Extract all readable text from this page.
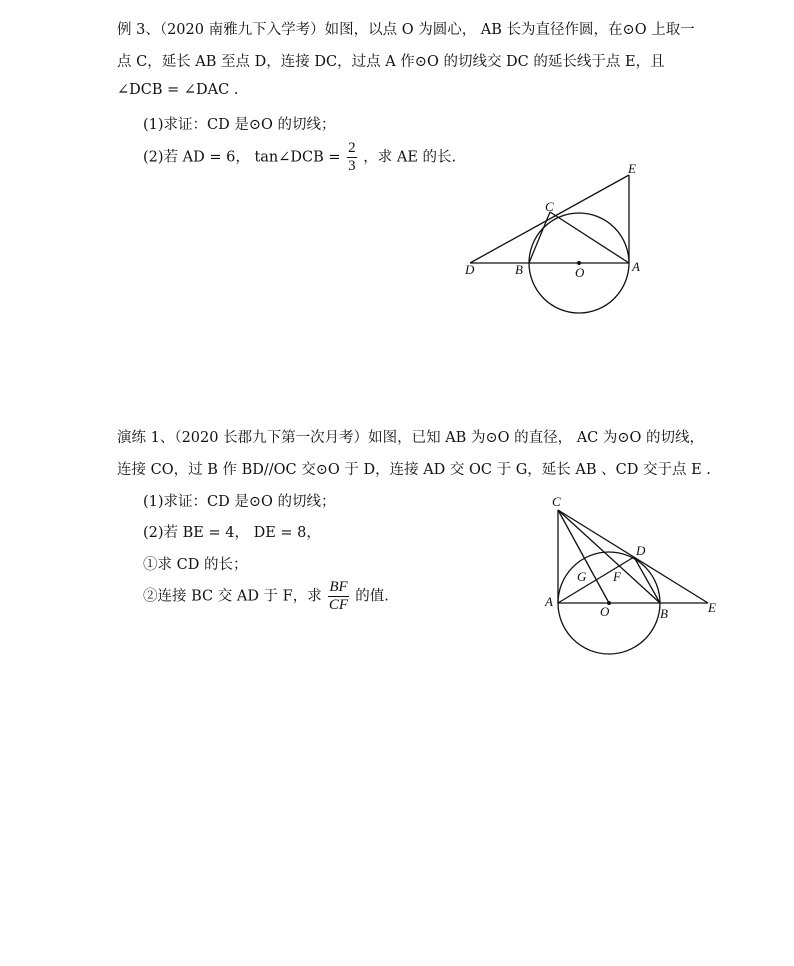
例 3、（2020 南雅九下入学考）如图，以点 O 为圆心， AB 长为直径作圆，在⊙O 上取一
点 C，延长 AB 至点 D，连接 DC，过点 A 作⊙O 的切线交 DC 的延长线于点 E，且
∠DCB = ∠DAC .
(1)求证：CD 是⊙O 的切线；
(2)若 AD = 6， tan∠DCB = $\frac{2}{3}$ ，求 AE 的长.
E
C
D	B	O	A
演练 1、（2020 长郡九下第一次月考）如图，已知 AB 为⊙O 的直径， AC 为⊙O 的切线，
连接 CO，过 B 作 BD//OC 交⊙O 于 D，连接 AD 交 OC 于 G，延长 AB 、CD 交于点 E .
(1)求证：CD 是⊙O 的切线；
(2)若 BE = 4， DE = 8，
①求 CD 的长；
②连接 BC 交 AD 于 F，求 $\frac{BF}{CF}$ 的值.
C
D
G F
A
O	B	E
